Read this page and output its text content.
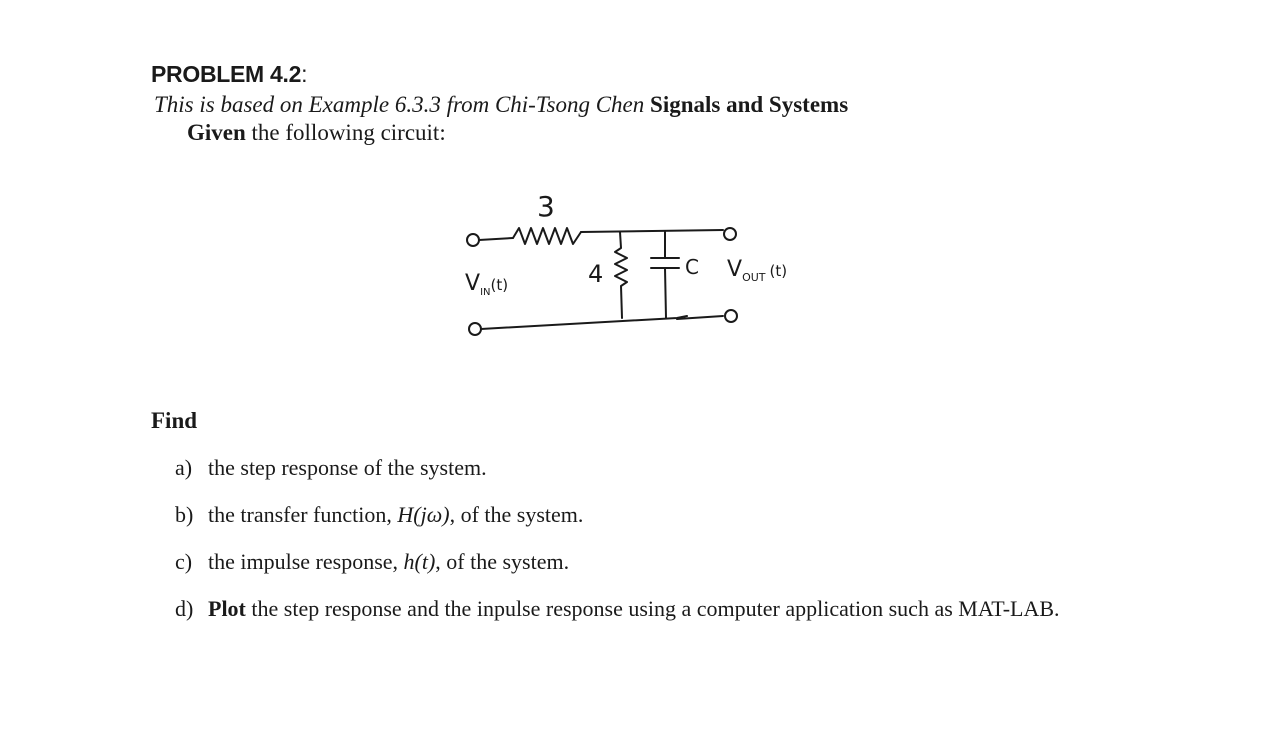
PROBLEM 4.2:
This is based on Example 6.3.3 from Chi-Tsong Chen Signals and Systems
Given the following circuit:
3
$V_{IN}^{(t)}$	4	C $V_{OUT}$ $^{(t)}$
Find
a) the step response of the system.
b) the transfer function, H(jω), of the system.
c) the impulse response, h(t), of the system.
d) Plot the step response and the inpulse response using a computer application such as MAT-LAB.
